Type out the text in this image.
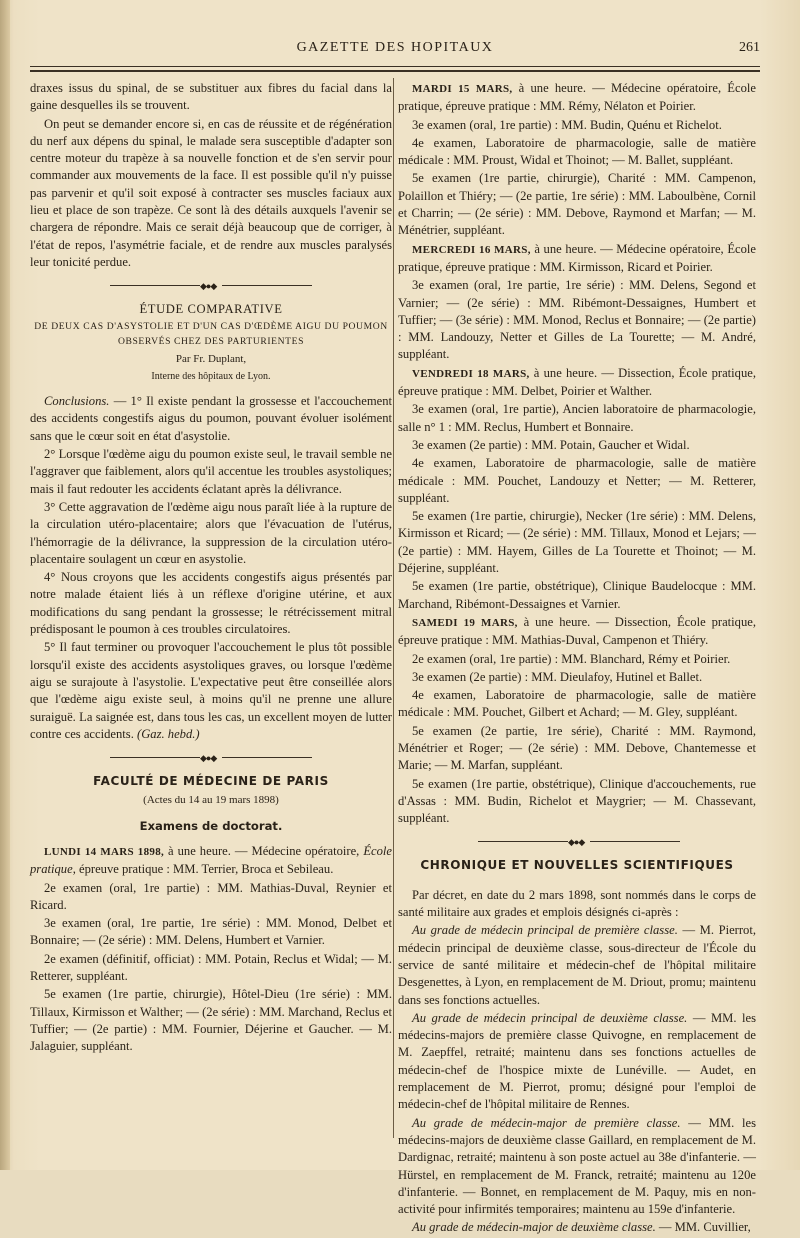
GAZETTE DES HOPITAUX	261

draxes issus du spinal, de se substituer aux fibres du facial dans la gaine desquelles ils se trouvent.

On peut se demander encore si, en cas de réussite et de régénération du nerf aux dépens du spinal, le malade sera susceptible d'adapter son centre moteur du trapèze à sa nouvelle fonction et de s'en servir pour commander aux mouvements de la face. Il est possible qu'il n'y puisse pas parvenir et qu'il soit exposé à contracter ses muscles faciaux aux lieu et place de son trapèze. Ce sont là des détails auxquels l'avenir se chargera de répondre. Mais ce serait déjà beaucoup que de corriger, à l'état de repos, l'asymétrie faciale, et de rendre aux muscles paralysés leur tonicité perdue.

◆●◆
ÉTUDE COMPARATIVE
DE DEUX CAS D'ASYSTOLIE ET D'UN CAS D'ŒDÈME AIGU DU POUMON
OBSERVÉS CHEZ DES PARTURIENTES
Par Fr. Duplant,
Interne des hôpitaux de Lyon.

Conclusions. — 1° Il existe pendant la grossesse et l'accouchement des accidents congestifs aigus du poumon, pouvant évoluer isolément sans que le cœur soit en état d'asystolie.

2° Lorsque l'œdème aigu du poumon existe seul, le travail semble ne l'aggraver que faiblement, alors qu'il accentue les troubles asystoliques; mais il faut redouter les accidents éclatant après la délivrance.

3° Cette aggravation de l'œdème aigu nous paraît liée à la rupture de la circulation utéro-placentaire; alors que l'évacuation de l'utérus, l'hémorragie de la délivrance, la suppression de la circulation utéro-placentaire soulagent un cœur en asystolie.

4° Nous croyons que les accidents congestifs aigus présentés par notre malade étaient liés à un réflexe d'origine utérine, et aux modifications du sang pendant la grossesse; le rétrécissement mitral prédisposant le poumon à ces troubles circulatoires.

5° Il faut terminer ou provoquer l'accouchement le plus tôt possible lorsqu'il existe des accidents asystoliques graves, ou lorsque l'œdème aigu se surajoute à l'asystolie. L'expectative peut être conseillée alors que l'œdème aigu existe seul, à moins qu'il ne prenne une allure suraiguë. La saignée est, dans tous les cas, un excellent moyen de lutter contre ces accidents. (Gaz. hebd.)

◆●◆
FACULTÉ DE MÉDECINE DE PARIS
(Actes du 14 au 19 mars 1898)
Examens de doctorat.

LUNDI 14 MARS 1898, à une heure. — Médecine opératoire, École pratique, épreuve pratique : MM. Terrier, Broca et Sebileau.

2e examen (oral, 1re partie) : MM. Mathias-Duval, Reynier et Ricard.

3e examen (oral, 1re partie, 1re série) : MM. Monod, Delbet et Bonnaire; — (2e série) : MM. Delens, Humbert et Varnier.

2e examen (définitif, officiat) : MM. Potain, Reclus et Widal; — M. Retterer, suppléant.

5e examen (1re partie, chirurgie), Hôtel-Dieu (1re série) : MM. Tillaux, Kirmisson et Walther; — (2e série) : MM. Marchand, Reclus et Tuffier; — (2e partie) : MM. Fournier, Déjerine et Gaucher. — M. Jalaguier, suppléant.

MARDI 15 MARS, à une heure. — Médecine opératoire, École pratique, épreuve pratique : MM. Rémy, Nélaton et Poirier.

3e examen (oral, 1re partie) : MM. Budin, Quénu et Richelot.

4e examen, Laboratoire de pharmacologie, salle de matière médicale : MM. Proust, Widal et Thoinot; — M. Ballet, suppléant.

5e examen (1re partie, chirurgie), Charité : MM. Campenon, Polaillon et Thiéry; — (2e partie, 1re série) : MM. Laboulbène, Cornil et Charrin; — (2e série) : MM. Debove, Raymond et Marfan; — M. Ménétrier, suppléant.

MERCREDI 16 MARS, à une heure. — Médecine opératoire, École pratique, épreuve pratique : MM. Kirmisson, Ricard et Poirier.

3e examen (oral, 1re partie, 1re série) : MM. Delens, Segond et Varnier; — (2e série) : MM. Ribémont-Dessaignes, Humbert et Tuffier; — (3e série) : MM. Monod, Reclus et Bonnaire; — (2e partie) : MM. Landouzy, Netter et Gilles de La Tourette; — M. André, suppléant.

VENDREDI 18 MARS, à une heure. — Dissection, École pratique, épreuve pratique : MM. Delbet, Poirier et Walther.

3e examen (oral, 1re partie), Ancien laboratoire de pharmacologie, salle n° 1 : MM. Reclus, Humbert et Bonnaire.

3e examen (2e partie) : MM. Potain, Gaucher et Widal.

4e examen, Laboratoire de pharmacologie, salle de matière médicale : MM. Pouchet, Landouzy et Netter; — M. Retterer, suppléant.

5e examen (1re partie, chirurgie), Necker (1re série) : MM. Delens, Kirmisson et Ricard; — (2e série) : MM. Tillaux, Monod et Lejars; — (2e partie) : MM. Hayem, Gilles de La Tourette et Thoinot; — M. Déjerine, suppléant.

5e examen (1re partie, obstétrique), Clinique Baudelocque : MM. Marchand, Ribémont-Dessaignes et Varnier.

SAMEDI 19 MARS, à une heure. — Dissection, École pratique, épreuve pratique : MM. Mathias-Duval, Campenon et Thiéry.

2e examen (oral, 1re partie) : MM. Blanchard, Rémy et Poirier.

3e examen (2e partie) : MM. Dieulafoy, Hutinel et Ballet.

4e examen, Laboratoire de pharmacologie, salle de matière médicale : MM. Pouchet, Gilbert et Achard; — M. Gley, suppléant.

5e examen (2e partie, 1re série), Charité : MM. Raymond, Ménétrier et Roger; — (2e série) : MM. Debove, Chantemesse et Marie; — M. Marfan, suppléant.

5e examen (1re partie, obstétrique), Clinique d'accouchements, rue d'Assas : MM. Budin, Richelot et Maygrier; — M. Chassevant, suppléant.

◆●◆
CHRONIQUE ET NOUVELLES SCIENTIFIQUES

Par décret, en date du 2 mars 1898, sont nommés dans le corps de santé militaire aux grades et emplois désignés ci-après :

Au grade de médecin principal de première classe. — M. Pierrot, médecin principal de deuxième classe, sous-directeur de l'École du service de santé militaire et médecin-chef de l'hôpital militaire Desgenettes, à Lyon, en remplacement de M. Driout, promu; maintenu dans ses fonctions actuelles.

Au grade de médecin principal de deuxième classe. — MM. les médecins-majors de première classe Quivogne, en remplacement de M. Zaepffel, retraité; maintenu dans ses fonctions actuelles de médecin-chef de l'hospice mixte de Lunéville. — Audet, en remplacement de M. Pierrot, promu; désigné pour l'emploi de médecin-chef de l'hôpital militaire de Rennes.

Au grade de médecin-major de première classe. — MM. les médecins-majors de deuxième classe Gaillard, en remplacement de M. Dardignac, retraité; maintenu à son poste actuel au 38e d'infanterie. — Hürstel, en remplacement de M. Franck, retraité; maintenu au 120e d'infanterie. — Bonnet, en remplacement de M. Paquy, mis en non-activité pour infirmités temporaires; maintenu au 159e d'infanterie.

Au grade de médecin-major de deuxième classe. — MM. Cuvillier,
